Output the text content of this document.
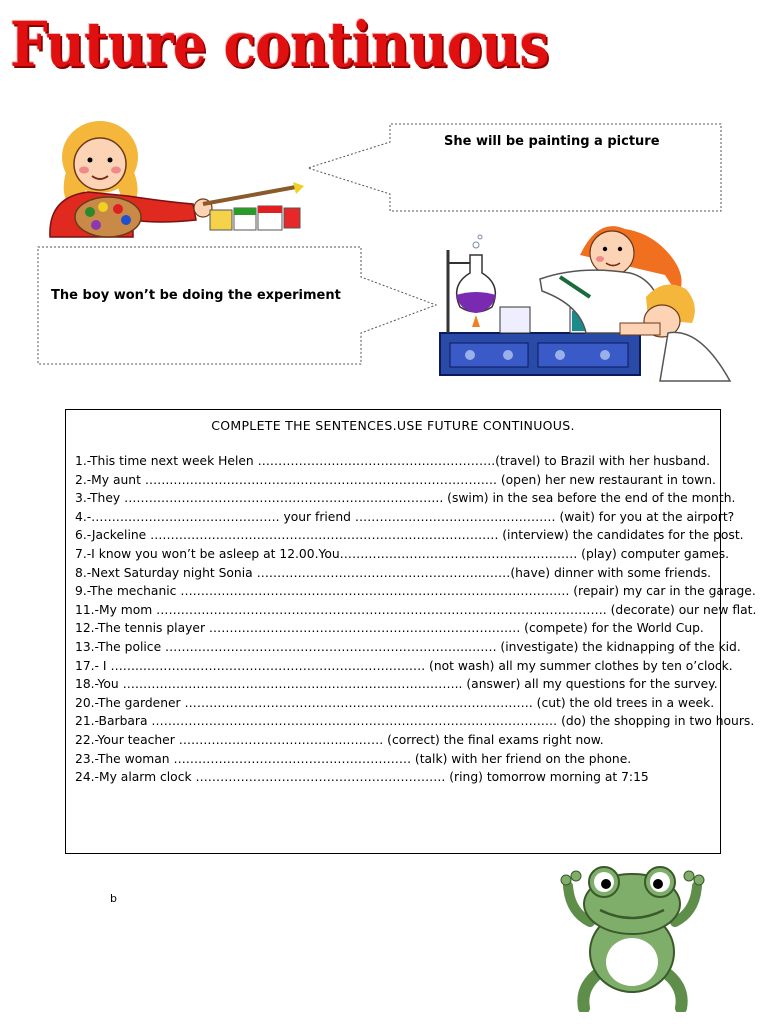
Future continuous
She will be painting a picture
The boy won’t be doing the experiment
COMPLETE THE SENTENCES.USE FUTURE CONTINUOUS.
1.-This time next week Helen ………………………………………………….(travel) to Brazil with her husband.
2.-My aunt …….……………………………………………………………………. (open) her new restaurant in town.
3.-They …………………………………………………….…………….. (swim) in the sea before the end of the month.
4.-………………………………………. your friend ……………………………….………… (wait) for you at the airport?
6.-Jackeline …………………………………………………………………………. (interview) the candidates for the post.
7.-I know you won’t be asleep at 12.00.You…………………………………………………. (play) computer games.
8.-Next Saturday night Sonia ………………………………………………..……(have) dinner with some friends.
9.-The mechanic ……………………………………………………………………….…………. (repair) my car in the garage.
11.-My mom ………………………………………………………………………………….……………. (decorate) our new flat.
12.-The tennis player …………………………………………………………………. (compete) for the World Cup.
13.-The police ………………………………………………………………..……. (investigate) the kidnapping of the kid.
17.- I ……..………………………………………………………..…. (not wash) all my summer clothes by ten o’clock.
18.-You ……………………………………………………………………….. (answer) all my questions for the survey.
20.-The gardener …………………………………………………………………………. (cut) the old trees in a week.
21.-Barbara ……………………………………………………………………………………… (do) the shopping in two hours.
22.-Your teacher …………………………………..……… (correct) the final exams right now.
23.-The woman …………………………………………………. (talk) with her friend on the phone.
24.-My alarm clock ……………………………………………………. (ring) tomorrow morning at 7:15
b
